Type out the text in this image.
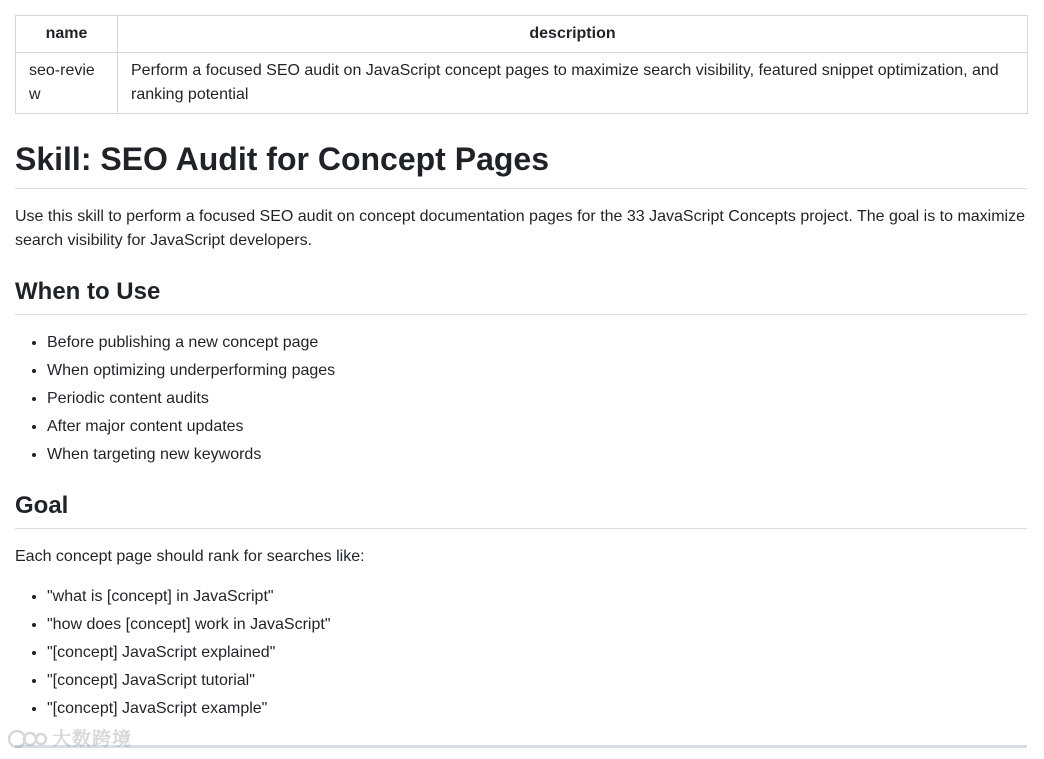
name	description
seo-review	Perform a focused SEO audit on JavaScript concept pages to maximize search visibility, featured snippet optimization, and ranking potential
Skill: SEO Audit for Concept Pages

Use this skill to perform a focused SEO audit on concept documentation pages for the 33 JavaScript Concepts project. The goal is to maximize search visibility for JavaScript developers.

When to Use
• Before publishing a new concept page
• When optimizing underperforming pages
• Periodic content audits
• After major content updates
• When targeting new keywords
Goal

Each concept page should rank for searches like:

• "what is [concept] in JavaScript"
• "how does [concept] work in JavaScript"
• "[concept] JavaScript explained"
• "[concept] JavaScript tutorial"
• "[concept] JavaScript example"
大数跨境
